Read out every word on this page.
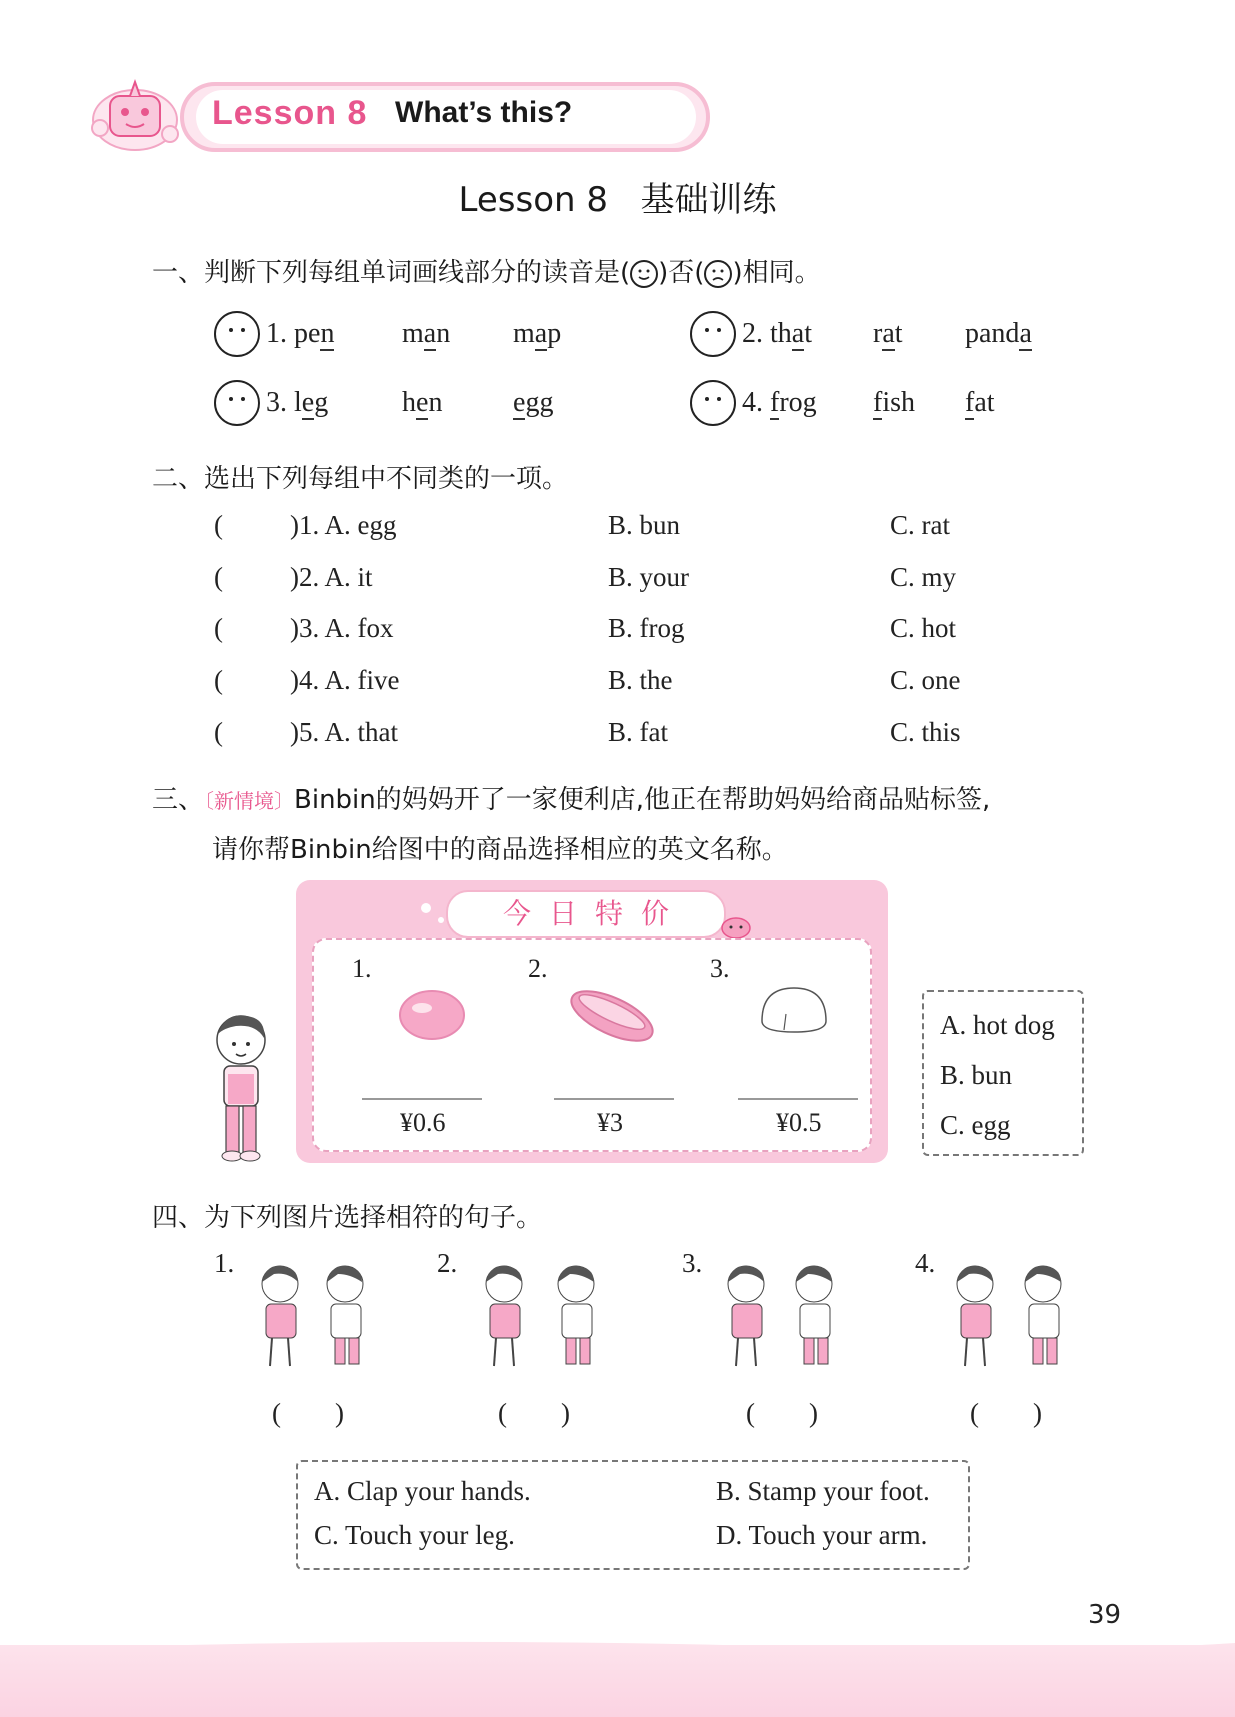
Lesson 8 What’s this?
Lesson 8   基础训练
一、判断下列每组单词画线部分的读音是( )否( )相同。
1. pen man map	2. that rat panda
3. leg	hen	egg	4. frog fish fat
二、选出下列每组中不同类的一项。
( )1. A. egg	B. bun	C. rat
( )2. A. it	B. your	C. my
( )3. A. fox	B. frog	C. hot
( )4. A. five	B. the	C. one
( )5. A. that	B. fat	C. this
三、〔新情境〕Binbin的妈妈开了一家便利店,他正在帮助妈妈给商品贴标签,
请你帮Binbin给图中的商品选择相应的英文名称。
今日特价
1.	2.	3.
¥0.6	¥3	¥0.5
A. hot dog
B. bun
C. egg
四、为下列图片选择相符的句子。
1.	2.	3.	4.
(        )	(        )	(        )	(        )
A. Clap your hands.	B. Stamp your foot.
C. Touch your leg.	D. Touch your arm.
39
